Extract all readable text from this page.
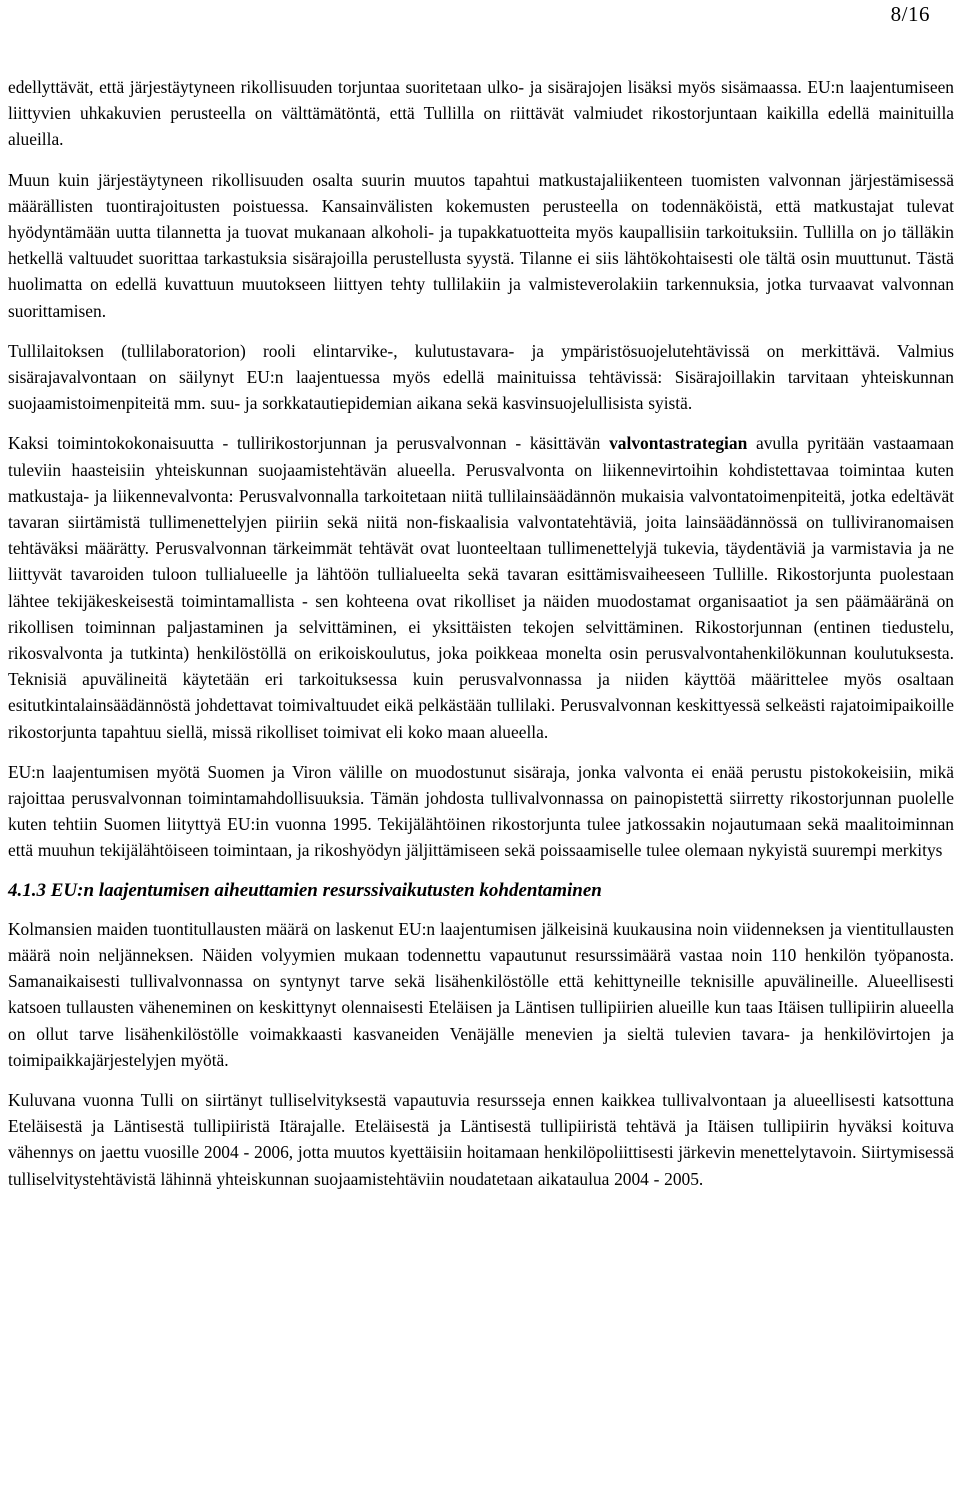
8/16

edellyttävät, että järjestäytyneen rikollisuuden torjuntaa suoritetaan ulko- ja sisärajojen lisäksi myös sisämaassa. EU:n laajentumiseen liittyvien uhkakuvien perusteella on välttämätöntä, että Tullilla on riittävät valmiudet rikostorjuntaan kaikilla edellä mainituilla alueilla.

Muun kuin järjestäytyneen rikollisuuden osalta suurin muutos tapahtui matkustajaliikenteen tuomisten valvonnan järjestämisessä määrällisten tuontirajoitusten poistuessa. Kansainvälisten kokemusten perusteella on todennäköistä, että matkustajat tulevat hyödyntämään uutta tilannetta ja tuovat mukanaan alkoholi- ja tupakkatuotteita myös kaupallisiin tarkoituksiin. Tullilla on jo tälläkin hetkellä valtuudet suorittaa tarkastuksia sisärajoilla perustellusta syystä. Tilanne ei siis lähtökohtaisesti ole tältä osin muuttunut. Tästä huolimatta on edellä kuvattuun muutokseen liittyen tehty tullilakiin ja valmisteverolakiin tarkennuksia, jotka turvaavat valvonnan suorittamisen.

Tullilaitoksen (tullilaboratorion) rooli elintarvike-, kulutustavara- ja ympäristösuojelutehtävissä on merkittävä. Valmius sisärajavalvontaan on säilynyt EU:n laajentuessa myös edellä mainituissa tehtävissä: Sisärajoillakin tarvitaan yhteiskunnan suojaamistoimenpiteitä mm. suu- ja sorkkatautiepidemian aikana sekä kasvinsuojelullisista syistä.

Kaksi toimintokokonaisuutta - tullirikostorjunnan ja perusvalvonnan - käsittävän valvontastrategian avulla pyritään vastaamaan tuleviin haasteisiin yhteiskunnan suojaamistehtävän alueella. Perusvalvonta on liikennevirtoihin kohdistettavaa toimintaa kuten matkustaja- ja liikennevalvonta: Perusvalvonnalla tarkoitetaan niitä tullilainsäädännön mukaisia valvontatoimenpiteitä, jotka edeltävät tavaran siirtämistä tullimenettelyjen piiriin sekä niitä non-fiskaalisia valvontatehtäviä, joita lainsäädännössä on tulliviranomaisen tehtäväksi määrätty. Perusvalvonnan tärkeimmät tehtävät ovat luonteeltaan tullimenettelyjä tukevia, täydentäviä ja varmistavia ja ne liittyvät tavaroiden tuloon tullialueelle ja lähtöön tullialueelta sekä tavaran esittämisvaiheeseen Tullille. Rikostorjunta puolestaan lähtee tekijäkeskeisestä toimintamallista - sen kohteena ovat rikolliset ja näiden muodostamat organisaatiot ja sen päämääränä on rikollisen toiminnan paljastaminen ja selvittäminen, ei yksittäisten tekojen selvittäminen. Rikostorjunnan (entinen tiedustelu, rikosvalvonta ja tutkinta) henkilöstöllä on erikoiskoulutus, joka poikkeaa monelta osin perusvalvontahenkilökunnan koulutuksesta. Teknisiä apuvälineitä käytetään eri tarkoituksessa kuin perusvalvonnassa ja niiden käyttöä määrittelee myös osaltaan esitutkintalainsäädännöstä johdettavat toimivaltuudet eikä pelkästään tullilaki. Perusvalvonnan keskittyessä selkeästi rajatoimipaikoille rikostorjunta tapahtuu siellä, missä rikolliset toimivat eli koko maan alueella.

EU:n laajentumisen myötä Suomen ja Viron välille on muodostunut sisäraja, jonka valvonta ei enää perustu pistokokeisiin, mikä rajoittaa perusvalvonnan toimintamahdollisuuksia. Tämän johdosta tullivalvonnassa on painopistettä siirretty rikostorjunnan puolelle kuten tehtiin Suomen liityttyä EU:in vuonna 1995. Tekijälähtöinen rikostorjunta tulee jatkossakin nojautumaan sekä maalitoiminnan että muuhun tekijälähtöiseen toimintaan, ja rikoshyödyn jäljittämiseen sekä poissaamiselle tulee olemaan nykyistä suurempi merkitys

4.1.3 EU:n laajentumisen aiheuttamien resurssivaikutusten kohdentaminen

Kolmansien maiden tuontitullausten määrä on laskenut EU:n laajentumisen jälkeisinä kuukausina noin viidenneksen ja vientitullausten määrä noin neljänneksen. Näiden volyymien mukaan todennettu vapautunut resurssimäärä vastaa noin 110 henkilön työpanosta. Samanaikaisesti tullivalvonnassa on syntynyt tarve sekä lisähenkilöstölle että kehittyneille teknisille apuvälineille. Alueellisesti katsoen tullausten väheneminen on keskittynyt olennaisesti Eteläisen ja Läntisen tullipiirien alueille kun taas Itäisen tullipiirin alueella on ollut tarve lisähenkilöstölle voimakkaasti kasvaneiden Venäjälle menevien ja sieltä tulevien tavara- ja henkilövirtojen ja toimipaikkajärjestelyjen myötä.

Kuluvana vuonna Tulli on siirtänyt tulliselvityksestä vapautuvia resursseja ennen kaikkea tullivalvontaan ja alueellisesti katsottuna Eteläisestä ja Läntisestä tullipiiristä Itärajalle. Eteläisestä ja Läntisestä tullipiiristä tehtävä ja Itäisen tullipiirin hyväksi koituva vähennys on jaettu vuosille 2004 - 2006, jotta muutos kyettäisiin hoitamaan henkilöpoliittisesti järkevin menettelytavoin. Siirtymisessä tulliselvitystehtävistä lähinnä yhteiskunnan suojaamistehtäviin noudatetaan aikataulua 2004 - 2005.
